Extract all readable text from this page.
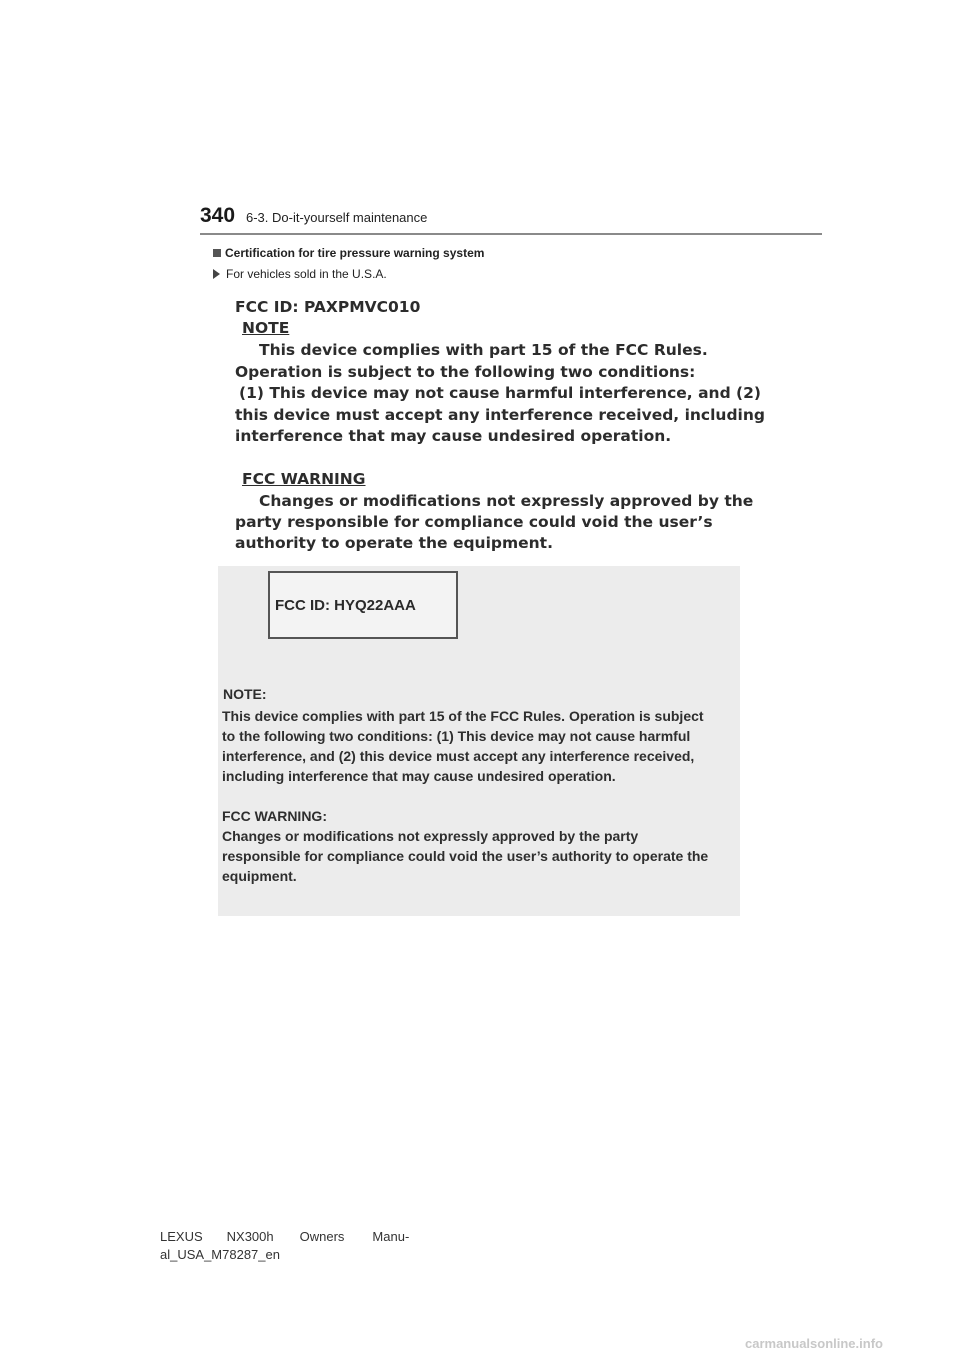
340 6-3. Do-it-yourself maintenance
Certification for tire pressure warning system
For vehicles sold in the U.S.A.
FCC ID: PAXPMVC010
NOTE
This device complies with part 15 of the FCC Rules.
Operation is subject to the following two conditions:
(1) This device may not cause harmful interference, and (2)
this device must accept any interference received, including
interference that may cause undesired operation.
FCC WARNING
Changes or modifications not expressly approved by the
party responsible for compliance could void the user’s
authority to operate the equipment.
FCC ID: HYQ22AAA
NOTE:
This device complies with part 15 of the FCC Rules. Operation is subject
to the following two conditions: (1) This device may not cause harmful
interference, and (2) this device must accept any interference received,
including interference that may cause undesired operation.
FCC WARNING:
Changes or modifications not expressly approved by the party
responsible for compliance could void the user’s authority to operate the
equipment.
LEXUS NX300h Owners Manu-
al_USA_M78287_en
carmanualsonline.info
